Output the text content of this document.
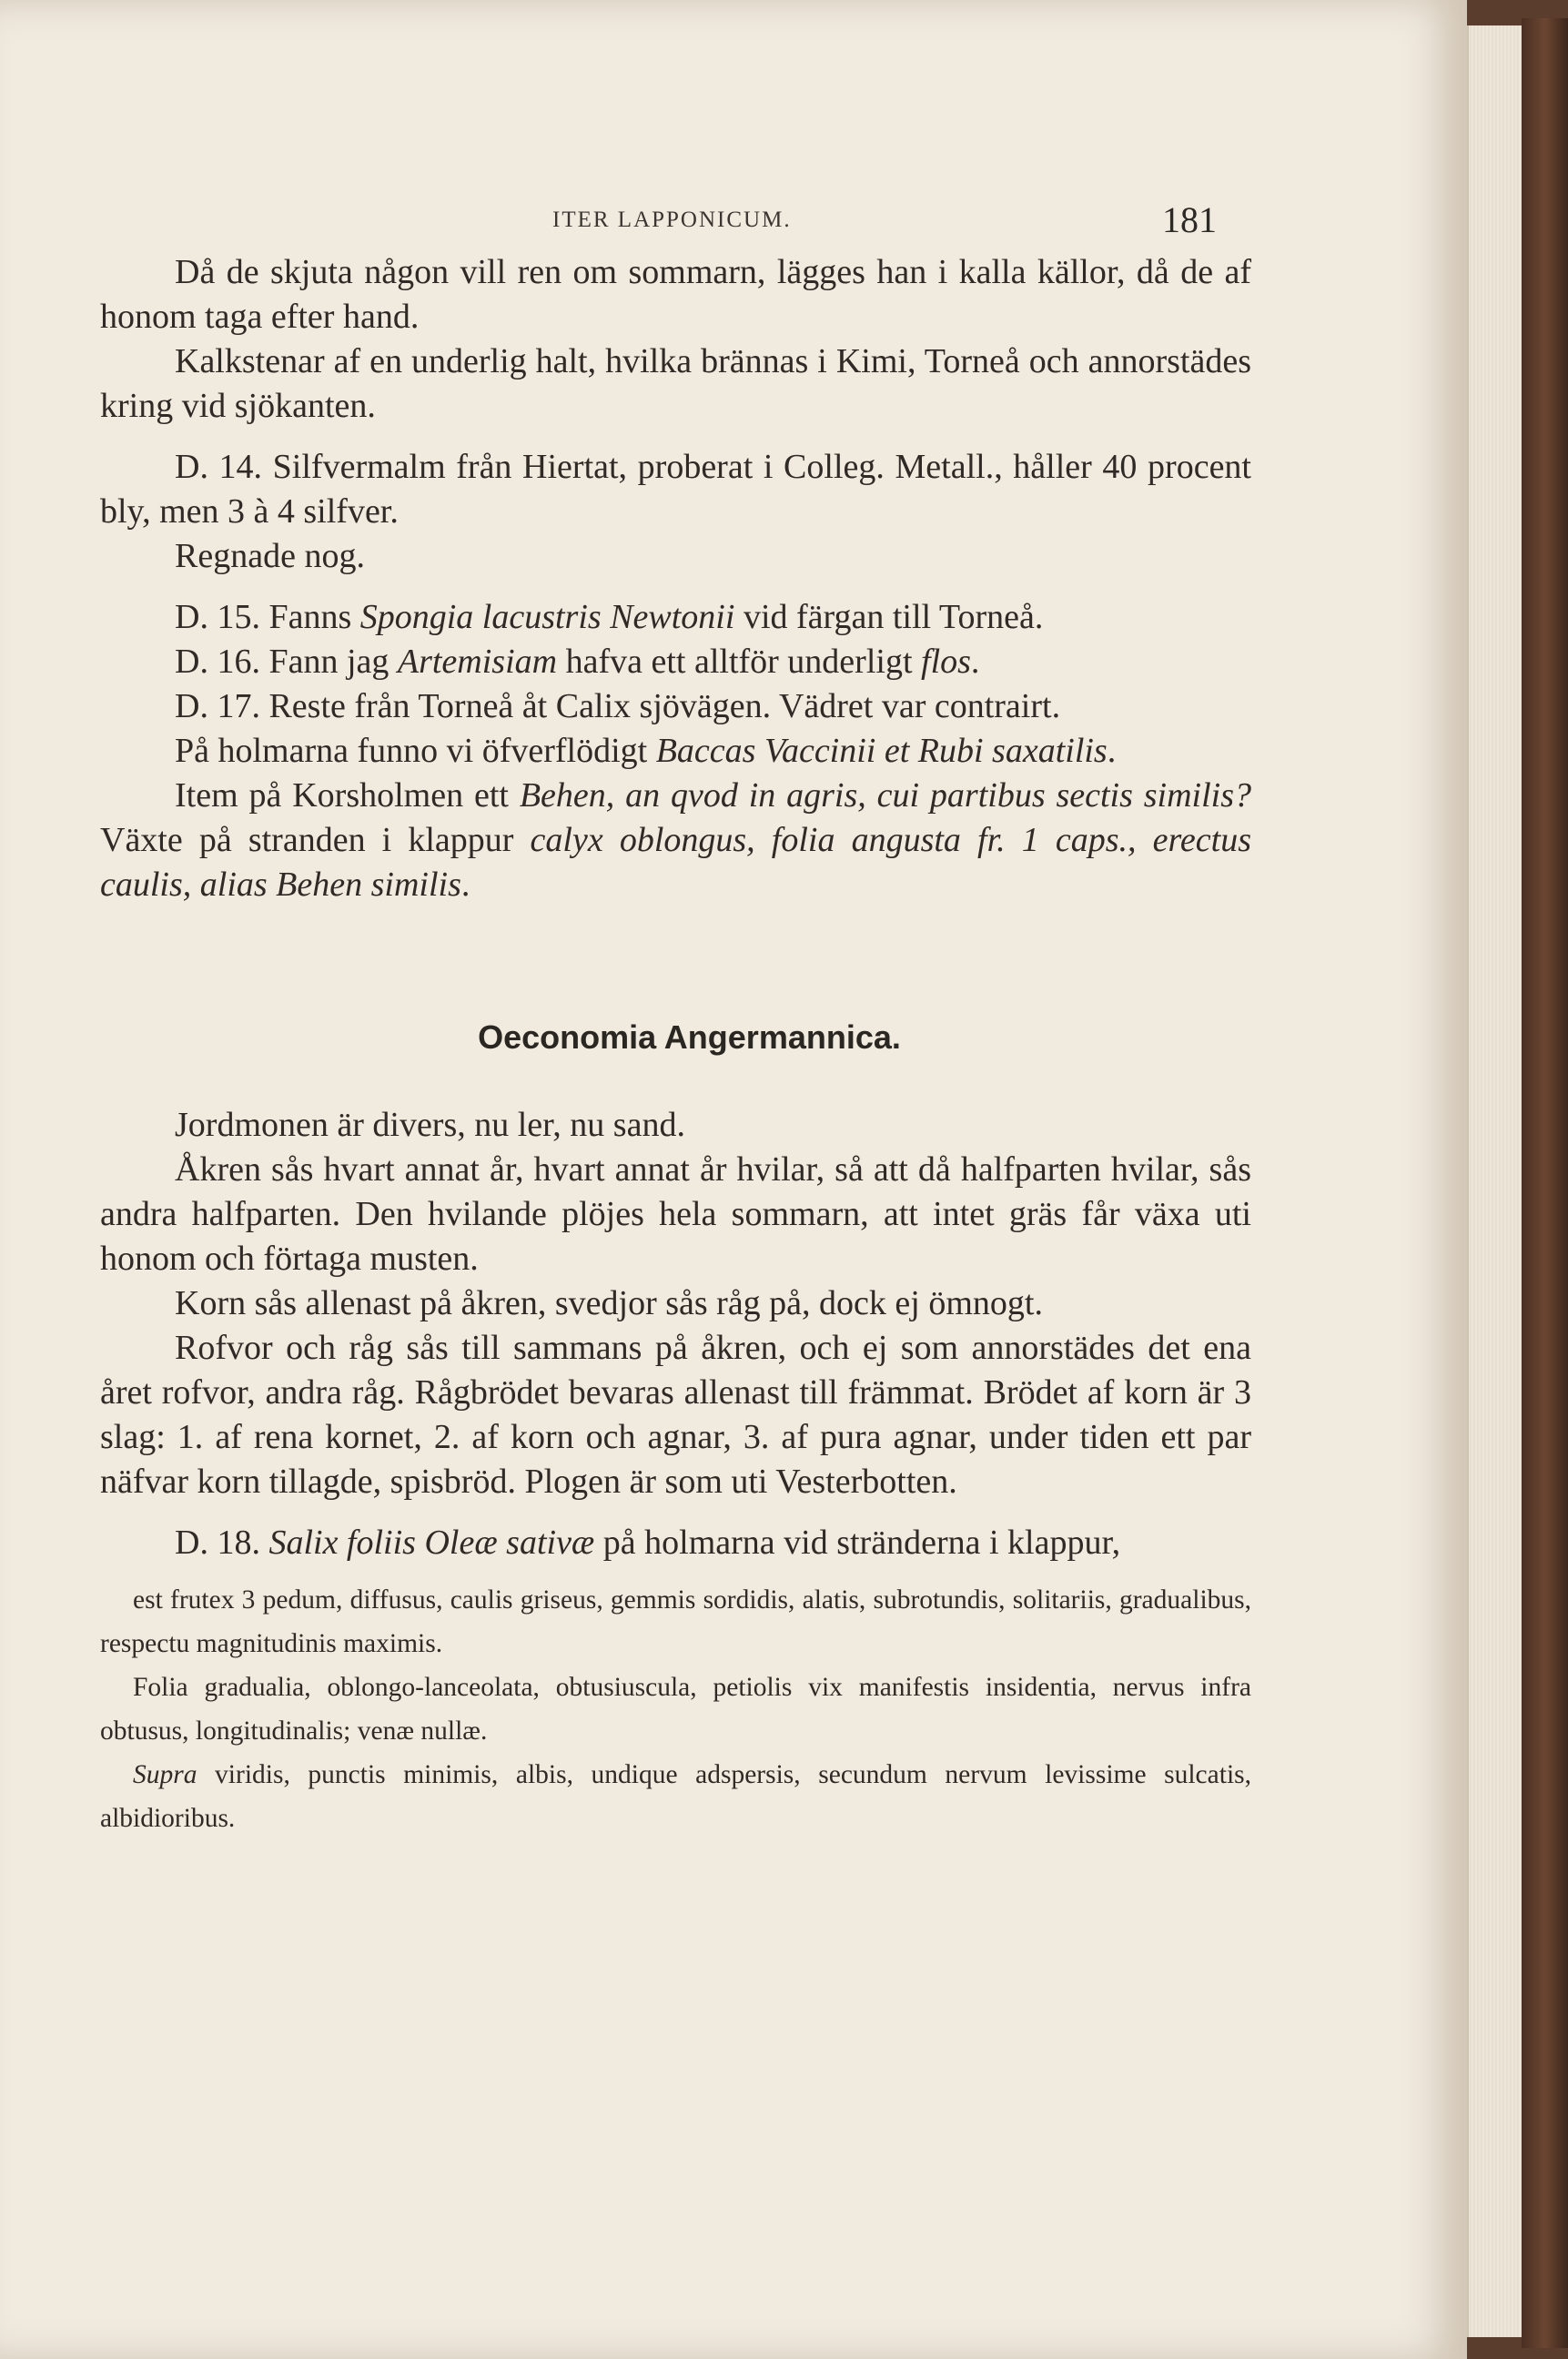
ITER LAPPONICUM.	181

Då de skjuta någon vill ren om sommarn, lägges han i kalla källor, då de af honom taga efter hand.

Kalkstenar af en underlig halt, hvilka brännas i Kimi, Torneå och annorstädes kring vid sjökanten.

D. 14. Silfvermalm från Hiertat, proberat i Colleg. Metall., håller 40 procent bly, men 3 à 4 silfver.

Regnade nog.

D. 15. Fanns Spongia lacustris Newtonii vid färgan till Torneå.

D. 16. Fann jag Artemisiam hafva ett alltför underligt flos.

D. 17. Reste från Torneå åt Calix sjövägen. Vädret var contrairt.

På holmarna funno vi öfverflödigt Baccas Vaccinii et Rubi saxatilis.

Item på Korsholmen ett Behen, an qvod in agris, cui partibus sectis similis? Växte på stranden i klappur calyx oblongus, folia angusta fr. 1 caps., erectus caulis, alias Behen similis.

Oeconomia Angermannica.

Jordmonen är divers, nu ler, nu sand.

Åkren sås hvart annat år, hvart annat år hvilar, så att då halfparten hvilar, sås andra halfparten. Den hvilande plöjes hela sommarn, att intet gräs får växa uti honom och förtaga musten.

Korn sås allenast på åkren, svedjor sås råg på, dock ej ömnogt.

Rofvor och råg sås till sammans på åkren, och ej som annorstädes det ena året rofvor, andra råg. Rågbrödet bevaras allenast till främmat. Brödet af korn är 3 slag: 1. af rena kornet, 2. af korn och agnar, 3. af pura agnar, under tiden ett par näfvar korn tillagde, spisbröd. Plogen är som uti Vesterbotten.

D. 18. Salix foliis Oleæ sativæ på holmarna vid stränderna i klappur,

est frutex 3 pedum, diffusus, caulis griseus, gemmis sordidis, alatis, subrotundis, solitariis, gradualibus, respectu magnitudinis maximis.

Folia gradualia, oblongo-lanceolata, obtusiuscula, petiolis vix manifestis insidentia, nervus infra obtusus, longitudinalis; venæ nullæ.

Supra viridis, punctis minimis, albis, undique adspersis, secundum nervum levissime sulcatis, albidioribus.
